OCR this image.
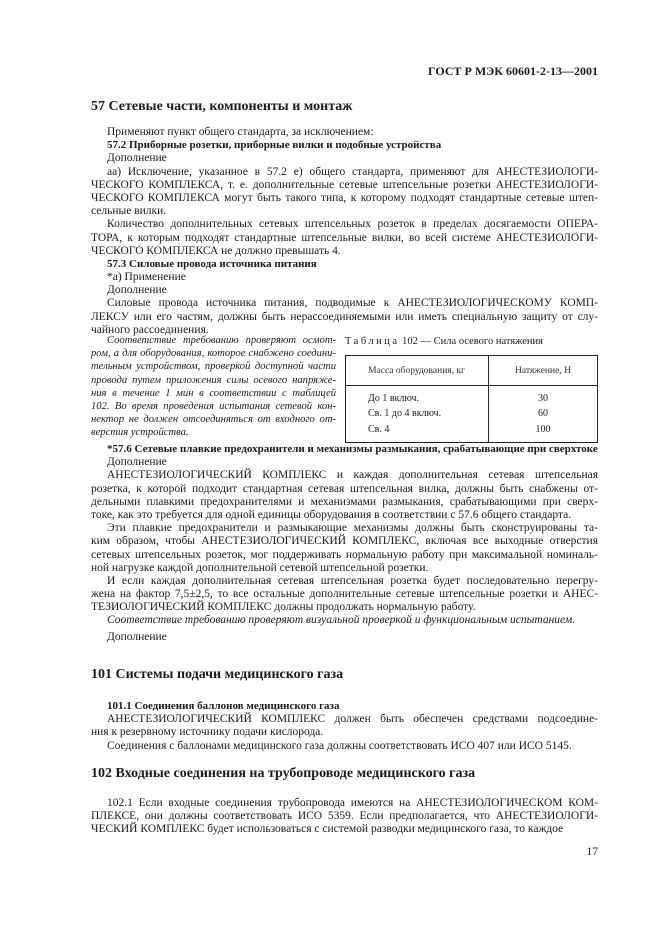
ГОСТ Р МЭК 60601-2-13—2001
57 Сетевые части, компоненты и монтаж
Применяют пункт общего стандарта, за исключением:
57.2 Приборные розетки, приборные вилки и подобные устройства
Дополнение
аа) Исключение, указанное в 57.2 е) общего стандарта, применяют для АНЕСТЕЗИОЛОГИ-
ЧЕСКОГО КОМПЛЕКСА, т. е. дополнительные сетевые штепсельные розетки АНЕСТЕЗИОЛОГИ-
ЧЕСКОГО КОМПЛЕКСА могут быть такого типа, к которому подходят стандартные сетевые штеп-
сельные вилки.
Количество дополнительных сетевых штепсельных розеток в пределах досягаемости ОПЕРА-
ТОРА, к которым подходят стандартные штепсельные вилки, во всей системе АНЕСТЕЗИОЛОГИ-
ЧЕСКОГО КОМПЛЕКСА не должно превышать 4.
57.3 Силовые провода источника питания
*а) Применение
Дополнение
Силовые провода источника питания, подводимые к АНЕСТЕЗИОЛОГИЧЕСКОМУ КОМП-
ЛЕКСУ или его частям, должны быть нерассоединяемыми или иметь специальную защиту от слу-
чайного рассоединения.
Соответствие требованию проверяют осмот-
ром, а для оборудования, которое снабжено соедини-
тельным устройством, проверкой доступной части
провода путем приложения силы осевого напряже-
ния в течение 1 мин в соответствии с таблицей
102. Во время проведения испытания сетевой кон-
нектор не должен отсоединяться от входного от-
верстия устройства.
Таблица 102 — Сила осевого натяжения
Масса оборудования, кг	Натяжение, Н
До 1 включ.	30
Св. 1 до 4 включ.	60
Св. 4	100
*57.6 Сетевые плавкие предохранители и механизмы размыкания, срабатывающие при сверхтоке
Дополнение
АНЕСТЕЗИОЛОГИЧЕСКИЙ КОМПЛЕКС и каждая дополнительная сетевая штепсельная
розетка, к которой подходит стандартная сетевая штепсельная вилка, должны быть снабжены от-
дельными плавкими предохранителями и механизмами размыкания, срабатывающими при сверх-
токе, как это требуется для одной единицы оборудования в соответствии с 57.6 общего стандарта.
Эти плавкие предохранители и размыкающие механизмы должны быть сконструированы та-
ким образом, чтобы АНЕСТЕЗИОЛОГИЧЕСКИЙ КОМПЛЕКС, включая все выходные отверстия
сетевых штепсельных розеток, мог поддерживать нормальную работу при максимальной номиналь-
ной нагрузке каждой дополнительной сетевой штепсельной розетки.
И если каждая дополнительная сетевая штепсельная розетка будет последовательно перегру-
жена на фактор 7,5±2,5, то все остальные дополнительные сетевые штепсельные розетки и АНЕС-
ТЕЗИОЛОГИЧЕСКИЙ КОМПЛЕКС должны продолжать нормальную работу.
Соответствие требованию проверяют визуальной проверкой и функциональным испытанием.
Дополнение
101 Системы подачи медицинского газа
101.1 Соединения баллонов медицинского газа
АНЕСТЕЗИОЛОГИЧЕСКИЙ КОМПЛЕКС должен быть обеспечен средствами подсоедине-
ния к резервному источнику подачи кислорода.
Соединения с баллонами медицинского газа должны соответствовать ИСО 407 или ИСО 5145.
102 Входные соединения на трубопроводе медицинского газа
102.1 Если входные соединения трубопровода имеются на АНЕСТЕЗИОЛОГИЧЕСКОМ КОМ-
ПЛЕКСЕ, они должны соответствовать ИСО 5359. Если предполагается, что АНЕСТЕЗИОЛОГИ-
ЧЕСКИЙ КОМПЛЕКС будет использоваться с системой разводки медицинского газа, то каждое
17
